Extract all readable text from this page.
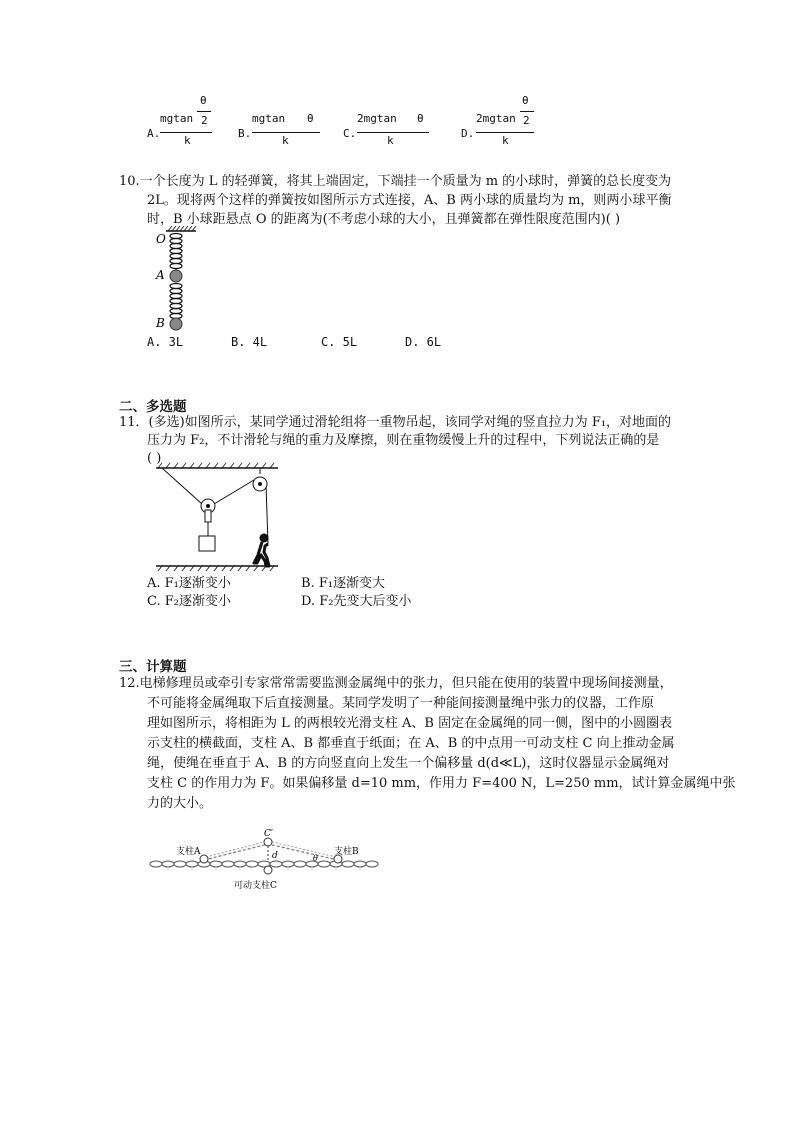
A.
θ
mgtan 2
k
B.
mgtan θ
k
C.
2mgtan θ
k
D.
θ
2mgtan 2
k
10.一个长度为 L 的轻弹簧，将其上端固定，下端挂一个质量为 m 的小球时，弹簧的总长度变为
2L。现将两个这样的弹簧按如图所示方式连接，A、B 两小球的质量均为 m，则两小球平衡
时，B 小球距悬点 O 的距离为(不考虑小球的大小，且弹簧都在弹性限度范围内)( )
O
A
B
A. 3L	B. 4L	C. 5L	D. 6L
二、多选题
11．(多选)如图所示，某同学通过滑轮组将一重物吊起，该同学对绳的竖直拉力为 F₁，对地面的
压力为 F₂，不计滑轮与绳的重力及摩擦，则在重物缓慢上升的过程中，下列说法正确的是
( )
A. F₁逐渐变小	B. F₁逐渐变大
C. F₂逐渐变小	D. F₂先变大后变小
三、计算题
12.电梯修理员或牵引专家常常需要监测金属绳中的张力，但只能在使用的装置中现场间接测量，
不可能将金属绳取下后直接测量。某同学发明了一种能间接测量绳中张力的仪器，工作原
理如图所示，将相距为 L 的两根较光滑支柱 A、B 固定在金属绳的同一侧，图中的小圆圈表
示支柱的横截面，支柱 A、B 都垂直于纸面；在 A、B 的中点用一可动支柱 C 向上推动金属
绳，使绳在垂直于 A、B 的方向竖直向上发生一个偏移量 d(d≪L)，这时仪器显示金属绳对
支柱 C 的作用力为 F。如果偏移量 d=10 mm，作用力 F=400 N，L=250 mm，试计算金属绳中张
力的大小。
支柱A	支柱B
C′
d	θ
可动支柱C
